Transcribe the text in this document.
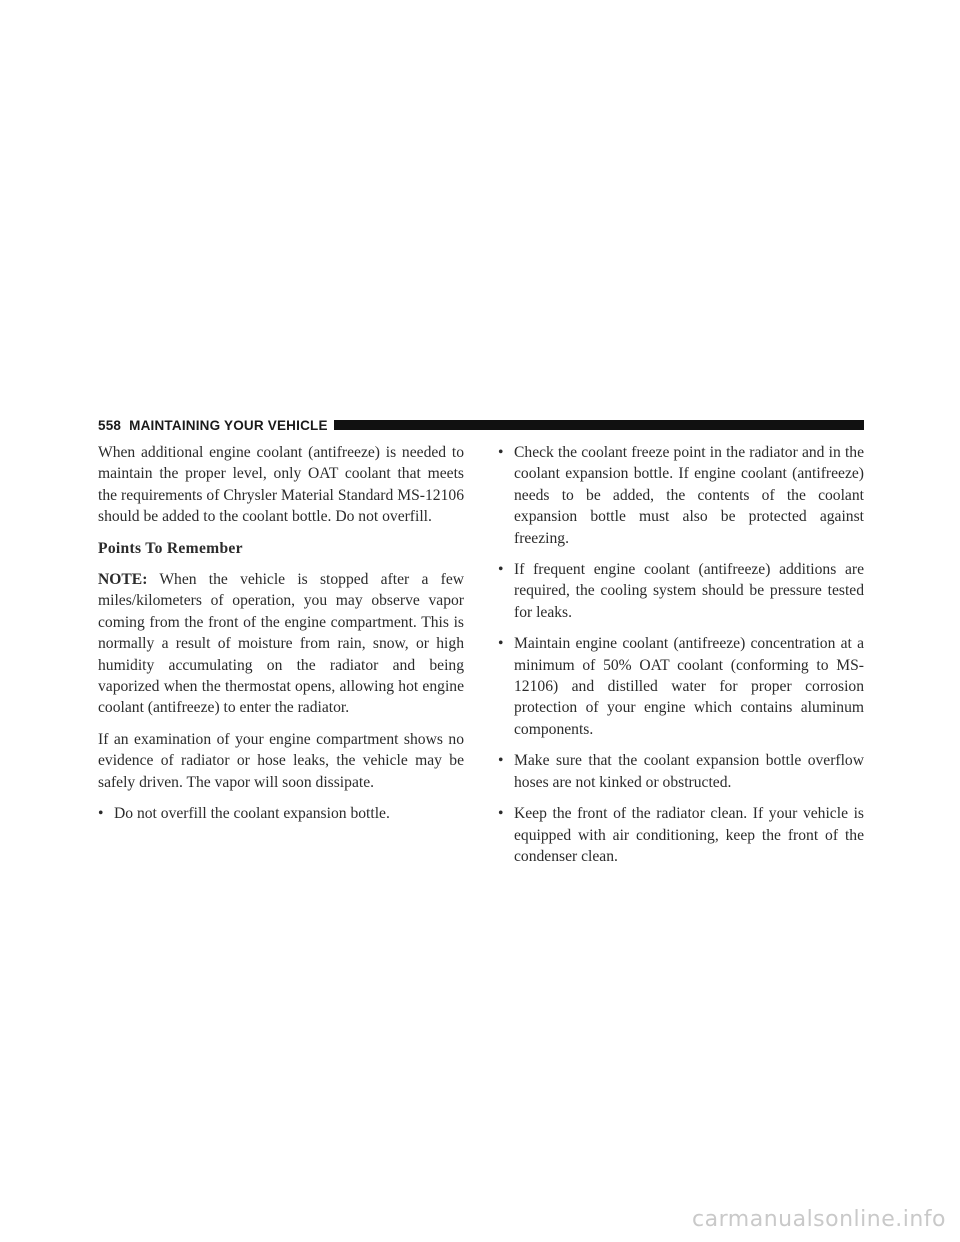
558 MAINTAINING YOUR VEHICLE

When additional engine coolant (antifreeze) is needed to maintain the proper level, only OAT coolant that meets the requirements of Chrysler Material Standard MS-12106 should be added to the coolant bottle. Do not overfill.

Points To Remember

NOTE: When the vehicle is stopped after a few miles/kilometers of operation, you may observe vapor coming from the front of the engine compartment. This is normally a result of moisture from rain, snow, or high humidity accumulating on the radiator and being vaporized when the thermostat opens, allowing hot engine coolant (antifreeze) to enter the radiator.

If an examination of your engine compartment shows no evidence of radiator or hose leaks, the vehicle may be safely driven. The vapor will soon dissipate.

• Do not overfill the coolant expansion bottle.
• Check the coolant freeze point in the radiator and in the coolant expansion bottle. If engine coolant (antifreeze) needs to be added, the contents of the coolant expansion bottle must also be protected against freezing.
• If frequent engine coolant (antifreeze) additions are required, the cooling system should be pressure tested for leaks.
• Maintain engine coolant (antifreeze) concentration at a minimum of 50% OAT coolant (conforming to MS-12106) and distilled water for proper corrosion protection of your engine which contains aluminum components.
• Make sure that the coolant expansion bottle overflow hoses are not kinked or obstructed.
• Keep the front of the radiator clean. If your vehicle is equipped with air conditioning, keep the front of the condenser clean.
carmanualsonline.info
